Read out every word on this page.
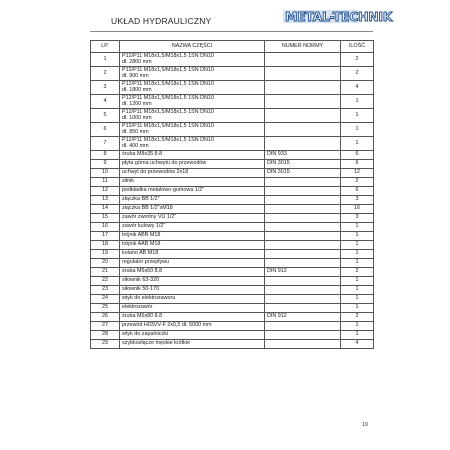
UKŁAD HYDRAULICZNY	METAL-TECHNIK
LP.	NAZWA CZĘŚCI	NUMER NORMY	ILOŚĆ
1	P12/P11 M18x1,5/M18x1,5 1SN DN10
dł. 2800 mm		2
2	P12/P11 M18x1,5/M18x1,5 1SN DN10
dł. 900 mm		2
3	P12/P11 M18x1,5/M18x1,5 1SN DN10
dł. 1800 mm		4
4	P12/P11 M18x1,5/M18x1,5 1SN DN10
dł. 1200 mm		1
5	P12/P11 M18x1,5/M18x1,5 1SN DN10
dł. 1000 mm		1
6	P12/P11 M18x1,5/M18x1,5 1SN DN10
dł. 850 mm		1
7	P12/P11 M18x1,5/M18x1,5 1SN DN10
dł. 400 mm		1
8	śruba M8x35 8.8	DIN 933	6
9	płyta górna uchwytu do przewodów	DIN 3015	6
10	uchwyt do przewodów 2x18	DIN 3015	12
11	silnik		2
12	podkładka metalowo-gumowa 1/2"		6
13	złączka BB 1/2"		3
14	złączka BB 1/2"xM18		16
15	zawór zwrotny VU 1/2"		3
16	zawór kulowy 1/2"		1
17	trójnik ABB M18		1
18	trójnik AAB M18		1
19	kolano AB M18		1
20	regulator przepływu		1
21	śruba M6x60 8.8	DIN 912	2
22	siłownik 63-320		1
23	siłownik 50-170		1
24	wtyk do elektrozaworu		1
25	elektrozawór		1
26	śruba M6x80 8.8	DIN 912	2
27	przewód H03VV-F 2x0,5 dł. 5000 mm		1
28	wtyk do zapalniczki		1
29	szybkozłącze męskie krótkie		4
19
